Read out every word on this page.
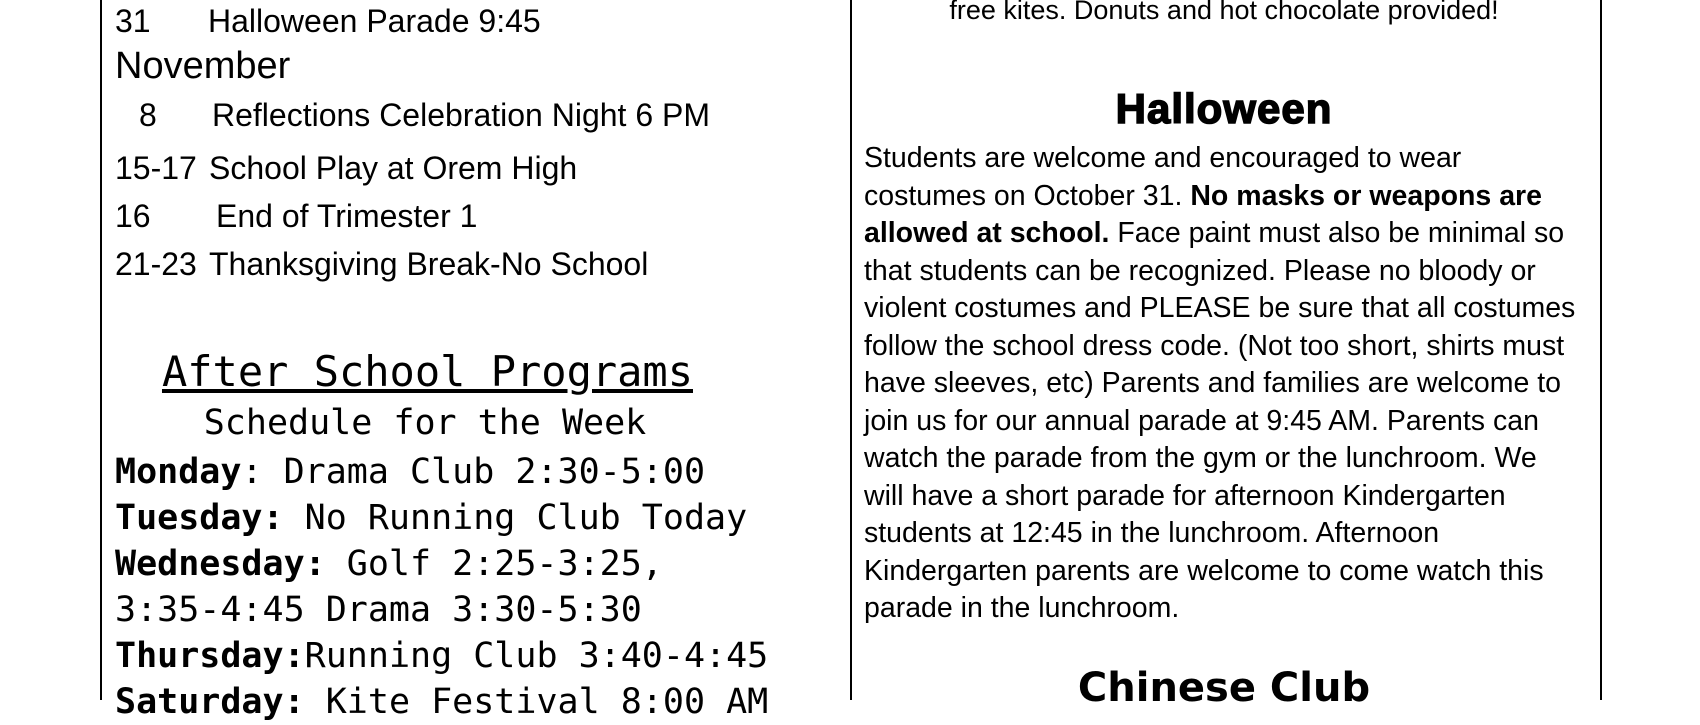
31 Halloween Parade 9:45
November
8 Reflections Celebration Night 6 PM
15-17 School Play at Orem High
16 End of Trimester 1
21-23 Thanksgiving Break-No School
After School Programs
Schedule for the Week
Monday: Drama Club 2:30-5:00
Tuesday: No Running Club Today
Wednesday: Golf 2:25-3:25,
3:35-4:45 Drama 3:30-5:30
Thursday:Running Club 3:40-4:45
Saturday: Kite Festival 8:00 AM
free kites. Donuts and hot chocolate provided!
Halloween
Students are welcome and encouraged to wear costumes on October 31. No masks or weapons are allowed at school. Face paint must also be minimal so that students can be recognized. Please no bloody or violent costumes and PLEASE be sure that all costumes follow the school dress code. (Not too short, shirts must have sleeves, etc) Parents and families are welcome to join us for our annual parade at 9:45 AM. Parents can watch the parade from the gym or the lunchroom. We will have a short parade for afternoon Kindergarten students at 12:45 in the lunchroom. Afternoon Kindergarten parents are welcome to come watch this parade in the lunchroom.
Chinese Club
